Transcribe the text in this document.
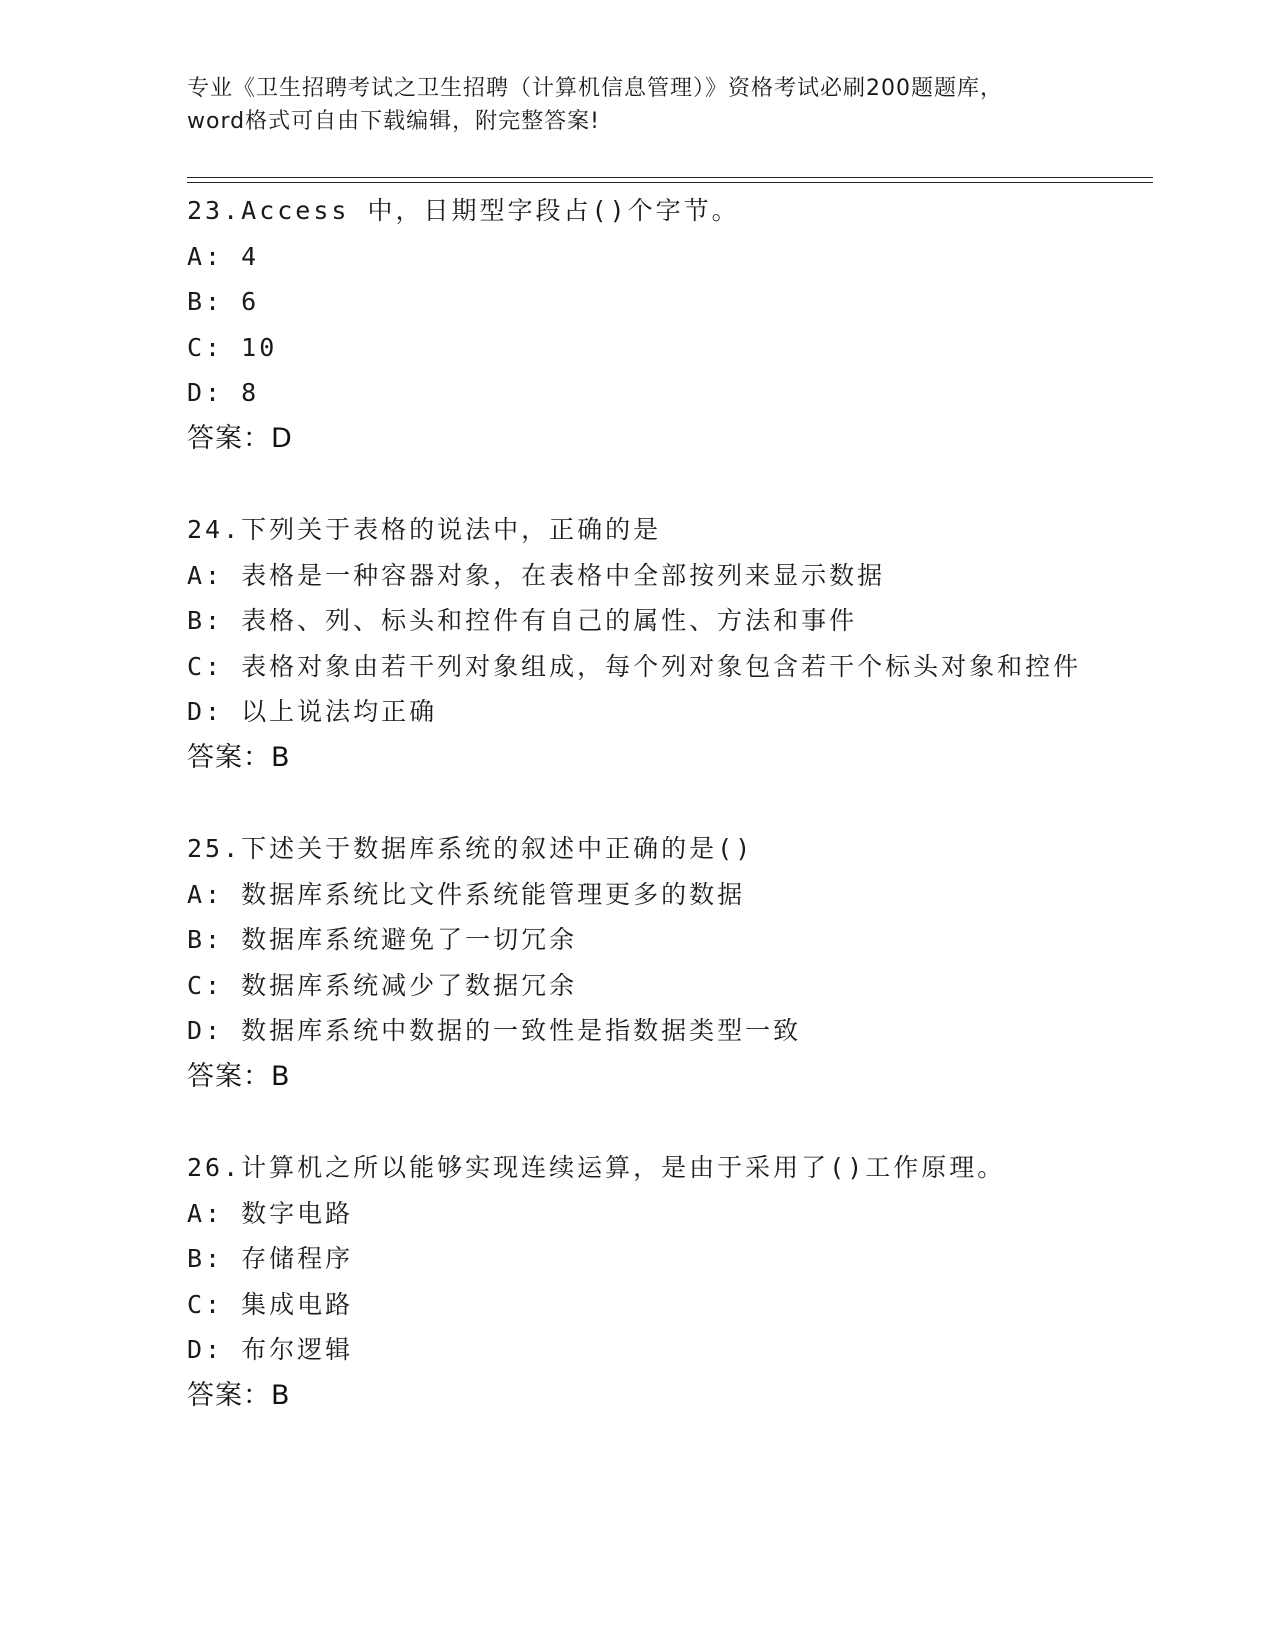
专业《卫生招聘考试之卫生招聘（计算机信息管理）》资格考试必刷200题题库，
word格式可自由下载编辑，附完整答案!
23.Access 中，日期型字段占()个字节。
A: 4
B: 6
C: 10
D: 8
答案：D
24.下列关于表格的说法中，正确的是
A: 表格是一种容器对象，在表格中全部按列来显示数据
B: 表格、列、标头和控件有自己的属性、方法和事件
C: 表格对象由若干列对象组成，每个列对象包含若干个标头对象和控件
D: 以上说法均正确
答案：B
25.下述关于数据库系统的叙述中正确的是()
A: 数据库系统比文件系统能管理更多的数据
B: 数据库系统避免了一切冗余
C: 数据库系统减少了数据冗余
D: 数据库系统中数据的一致性是指数据类型一致
答案：B
26.计算机之所以能够实现连续运算，是由于采用了()工作原理。
A: 数字电路
B: 存储程序
C: 集成电路
D: 布尔逻辑
答案：B
